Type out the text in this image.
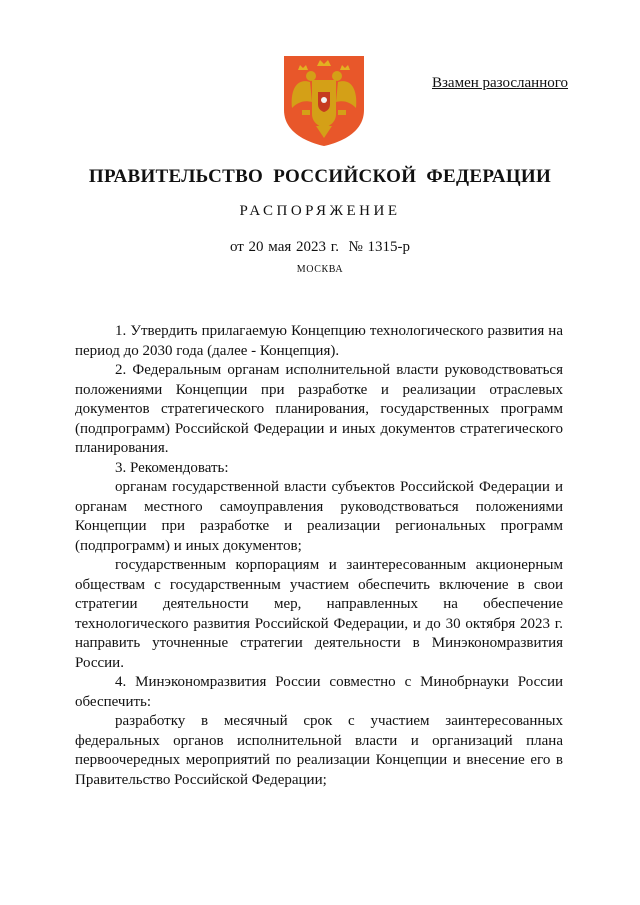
Взамен разосланного
ПРАВИТЕЛЬСТВО  РОССИЙСКОЙ  ФЕДЕРАЦИИ
РАСПОРЯЖЕНИЕ
от 20 мая 2023 г.  № 1315-р
МОСКВА

1. Утвердить прилагаемую Концепцию технологического развития на период до 2030 года (далее - Концепция).

2. Федеральным органам исполнительной власти руководствоваться положениями Концепции при разработке и реализации отраслевых документов стратегического планирования, государственных программ (подпрограмм) Российской Федерации и иных документов стратегического планирования.

3. Рекомендовать:

органам государственной власти субъектов Российской Федерации и органам местного самоуправления руководствоваться положениями Концепции при разработке и реализации региональных программ (подпрограмм) и иных документов;

государственным корпорациям и заинтересованным акционерным обществам с государственным участием обеспечить включение в свои стратегии деятельности мер, направленных на обеспечение технологического развития Российской Федерации, и до 30 октября 2023 г. направить уточненные стратегии деятельности в Минэкономразвития России.

4. Минэкономразвития России совместно с Минобрнауки России обеспечить:

разработку в месячный срок с участием заинтересованных федеральных органов исполнительной власти и организаций плана первоочередных мероприятий по реализации Концепции и внесение его в Правительство Российской Федерации;
